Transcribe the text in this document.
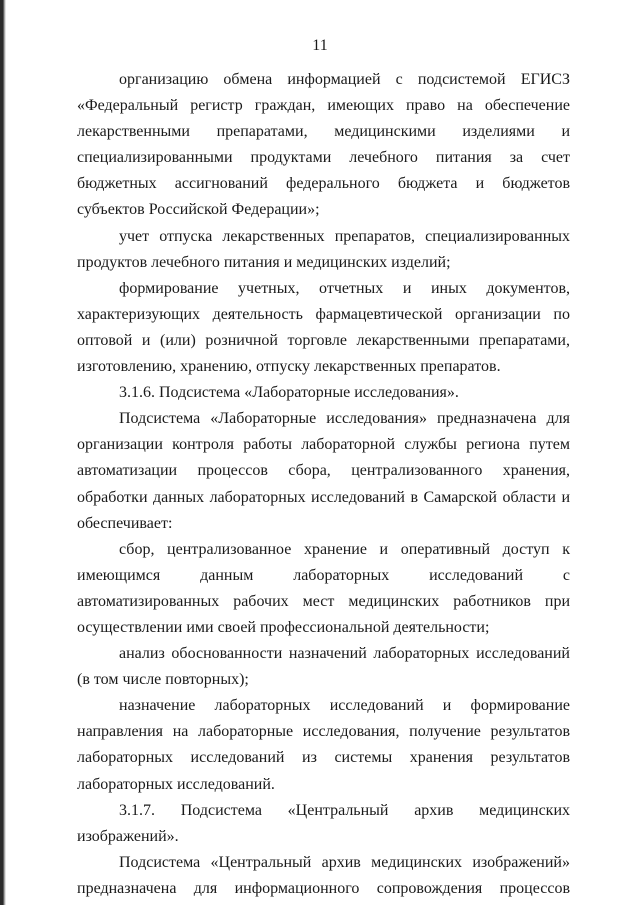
11

организацию обмена информацией с подсистемой ЕГИСЗ «Федеральный регистр граждан, имеющих право на обеспечение лекарственными препаратами, медицинскими изделиями и специализированными продуктами лечебного питания за счет бюджетных ассигнований федерального бюджета и бюджетов субъектов Российской Федерации»;

учет отпуска лекарственных препаратов, специализированных продуктов лечебного питания и медицинских изделий;

формирование учетных, отчетных и иных документов, характеризующих деятельность фармацевтической организации по оптовой и (или) розничной торговле лекарственными препаратами, изготовлению, хранению, отпуску лекарственных препаратов.

3.1.6. Подсистема «Лабораторные исследования».

Подсистема «Лабораторные исследования» предназначена для организации контроля работы лабораторной службы региона путем автоматизации процессов сбора, централизованного хранения, обработки данных лабораторных исследований в Самарской области и обеспечивает:

сбор, централизованное хранение и оперативный доступ к имеющимся данным лабораторных исследований с автоматизированных рабочих мест медицинских работников при осуществлении ими своей профессиональной деятельности;

анализ обоснованности назначений лабораторных исследований (в том числе повторных);

назначение лабораторных исследований и формирование направления на лабораторные исследования, получение результатов лабораторных исследований из системы хранения результатов лабораторных исследований.

3.1.7. Подсистема «Центральный архив медицинских изображений».

Подсистема «Центральный архив медицинских изображений» предназначена для информационного сопровождения процессов
